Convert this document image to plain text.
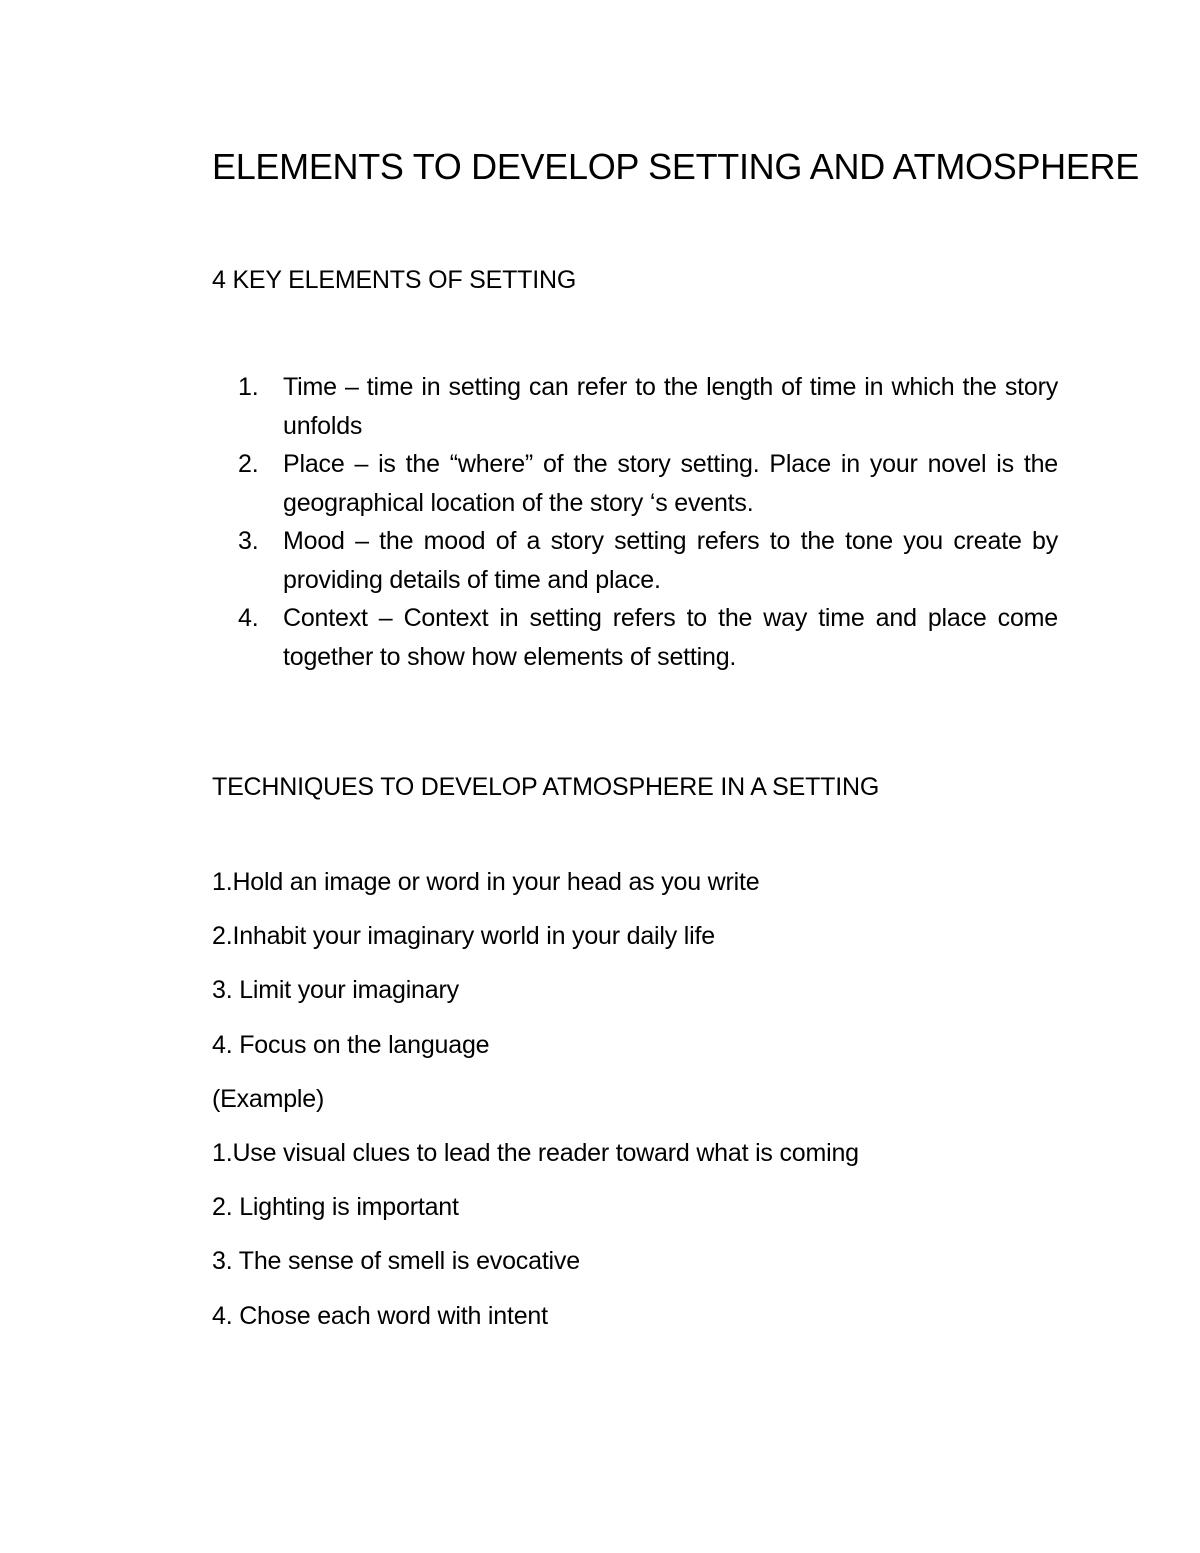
ELEMENTS TO DEVELOP SETTING AND ATMOSPHERE
4 KEY ELEMENTS OF SETTING
1. Time – time in setting can refer to the length of time in which the story unfolds
2. Place – is the “where” of the story setting. Place in your novel is the geographical location of the story ‘s events.
3. Mood – the mood of a story setting refers to the tone you create by providing details of time and place.
4. Context – Context in setting refers to the way time and place come together to show how elements of setting.
TECHNIQUES TO DEVELOP ATMOSPHERE IN A SETTING
1.Hold an image or word in your head as you write
2.Inhabit your imaginary world in your daily life
3. Limit your imaginary
4. Focus on the language
(Example)
1.Use visual clues to lead the reader toward what is coming
2. Lighting is important
3. The sense of smell is evocative
4. Chose each word with intent
